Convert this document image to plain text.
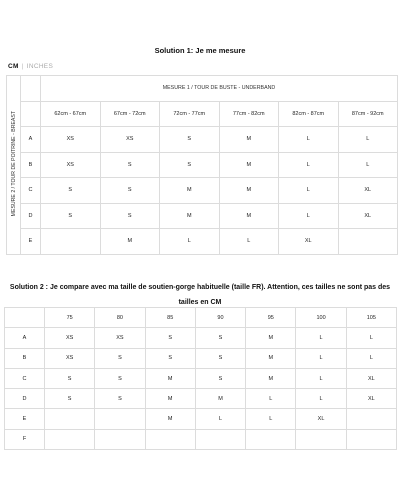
Solution 1: Je me mesure
CM | INCHES
MESURE 2 / TOUR DE POITRINE - BREAST		MESURE 1 / TOUR DE BUSTE - UNDERBAND					
		62cm - 67cm	67cm - 72cm	72cm - 77cm	77cm - 82cm	82cm - 87cm	87cm - 92cm
	A	XS	XS	S	M	L	L
	B	XS	S	S	M	L	L
	C	S	S	M	M	L	XL
	D	S	S	M	M	L	XL
	E		M	L	L	XL	
Solution 2 : Je compare avec ma taille de soutien-gorge habituelle (taille FR). Attention, ces tailles ne sont pas des tailles en CM
	75	80	85	90	95	100	105
A	XS	XS	S	S	M	L	L
B	XS	S	S	S	M	L	L
C	S	S	M	S	M	L	XL
D	S	S	M	M	L	L	XL
E			M	L	L	XL	
F							
